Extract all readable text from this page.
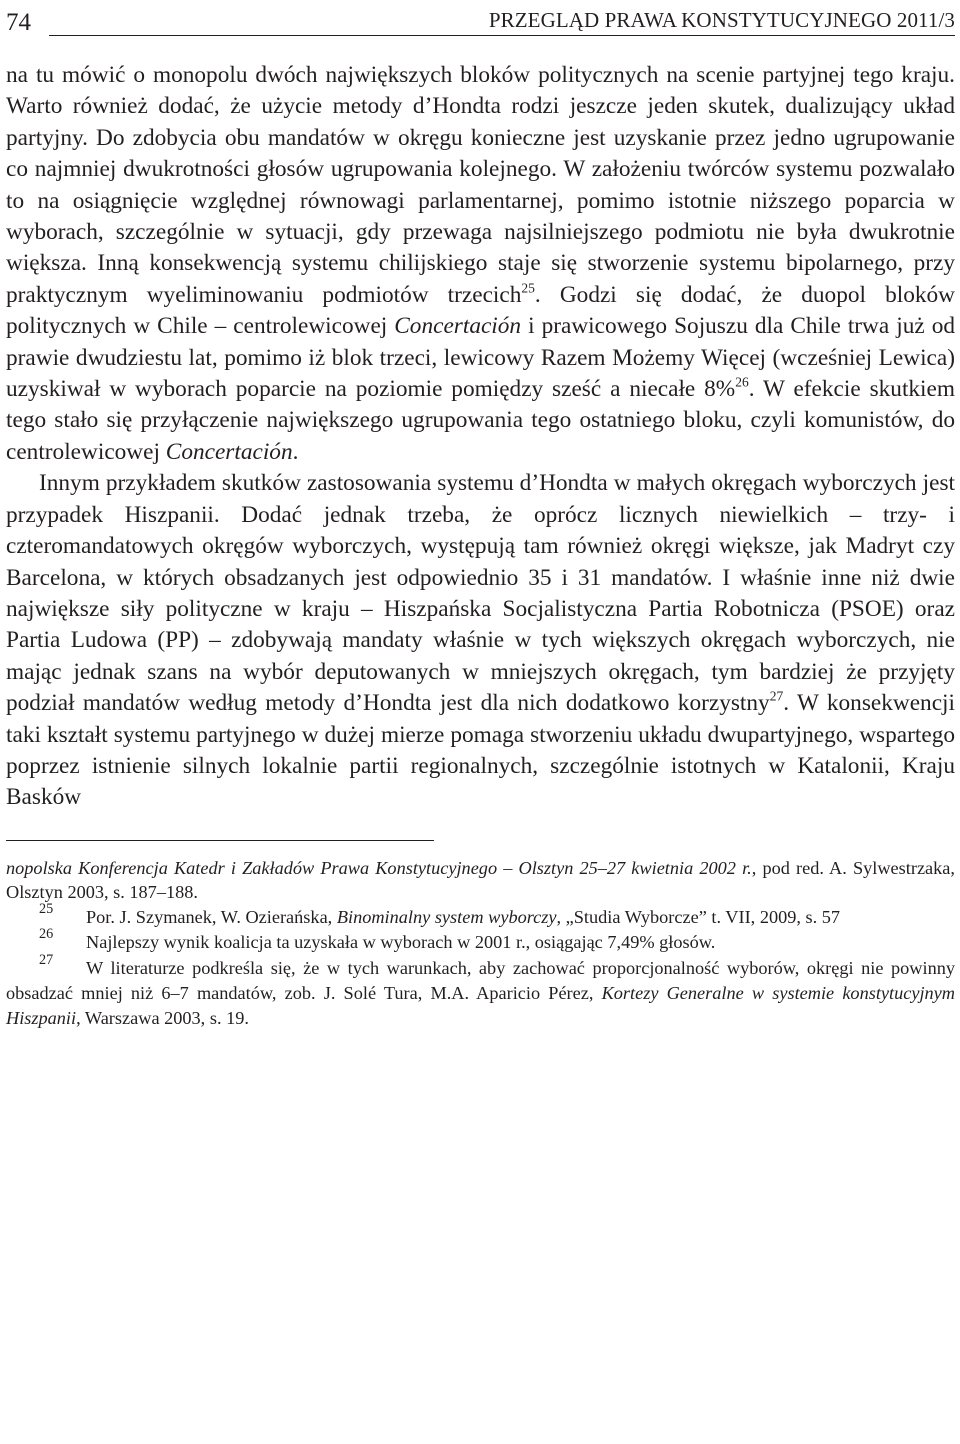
74	PRZEGLĄD PRAWA KONSTYTUCYJNEGO 2011/3

na tu mówić o monopolu dwóch największych bloków politycznych na scenie partyjnej tego kraju. Warto również dodać, że użycie metody d’Hondta rodzi jeszcze jeden skutek, dualizujący układ partyjny. Do zdobycia obu mandatów w okręgu konieczne jest uzyskanie przez jedno ugrupowanie co najmniej dwukrotności głosów ugrupowania kolejnego. W założeniu twórców systemu pozwalało to na osiągnięcie względnej równowagi parlamentarnej, pomimo istotnie niższego poparcia w wyborach, szczególnie w sytuacji, gdy przewaga najsilniejszego podmiotu nie była dwukrotnie większa. Inną konsekwencją systemu chilijskiego staje się stworzenie systemu bipolarnego, przy praktycznym wyeliminowaniu podmiotów trzecich$^{25}$. Godzi się dodać, że duopol bloków politycznych w Chile – centrolewicowej Concertación i prawicowego Sojuszu dla Chile trwa już od prawie dwudziestu lat, pomimo iż blok trzeci, lewicowy Razem Możemy Więcej (wcześniej Lewica) uzyskiwał w wyborach poparcie na poziomie pomiędzy sześć a niecałe 8%$^{26}$. W efekcie skutkiem tego stało się przyłączenie największego ugrupowania tego ostatniego bloku, czyli komunistów, do centrolewicowej Concertación.

Innym przykładem skutków zastosowania systemu d’Hondta w małych okręgach wyborczych jest przypadek Hiszpanii. Dodać jednak trzeba, że oprócz licznych niewielkich – trzy- i czteromandatowych okręgów wyborczych, występują tam również okręgi większe, jak Madryt czy Barcelona, w których obsadzanych jest odpowiednio 35 i 31 mandatów. I właśnie inne niż dwie największe siły polityczne w kraju – Hiszpańska Socjalistyczna Partia Robotnicza (PSOE) oraz Partia Ludowa (PP) – zdobywają mandaty właśnie w tych większych okręgach wyborczych, nie mając jednak szans na wybór deputowanych w mniejszych okręgach, tym bardziej że przyjęty podział mandatów według metody d’Hondta jest dla nich dodatkowo korzystny$^{27}$. W konsekwencji taki kształt systemu partyjnego w dużej mierze pomaga stworzeniu układu dwupartyjnego, wspartego poprzez istnienie silnych lokalnie partii regionalnych, szczególnie istotnych w Katalonii, Kraju Basków

nopolska Konferencja Katedr i Zakładów Prawa Konstytucyjnego – Olsztyn 25–27 kwietnia 2002 r., pod red. A. Sylwestrzaka, Olsztyn 2003, s. 187–188.

$^{25}$ Por. J. Szymanek, W. Ozierańska, Binominalny system wyborczy, „Studia Wyborcze” t. VII, 2009, s. 57

$^{26}$ Najlepszy wynik koalicja ta uzyskała w wyborach w 2001 r., osiągając 7,49% głosów.

$^{27}$ W literaturze podkreśla się, że w tych warunkach, aby zachować proporcjonalność wyborów, okręgi nie powinny obsadzać mniej niż 6–7 mandatów, zob. J. Solé Tura, M.A. Aparicio Pérez, Kortezy Generalne w systemie konstytucyjnym Hiszpanii, Warszawa 2003, s. 19.
